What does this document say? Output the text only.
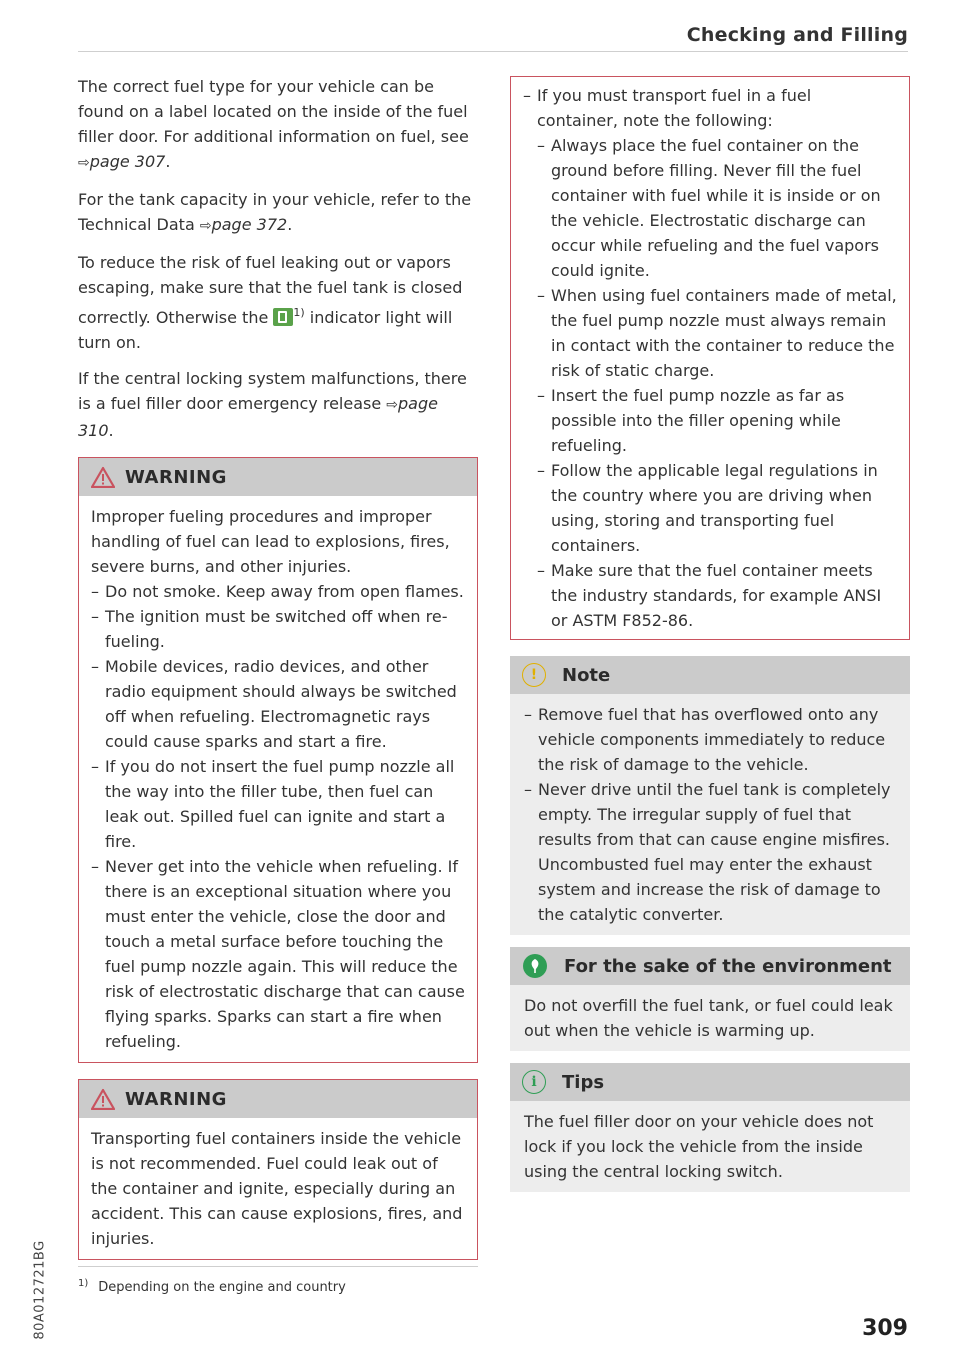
Checking and Filling

The correct fuel type for your vehicle can be found on a label located on the inside of the fuel filler door. For additional information on fuel, see ⇨page 307.

For the tank capacity in your vehicle, refer to the Technical Data ⇨page 372.

To reduce the risk of fuel leaking out or vapors escaping, make sure that the fuel tank is closed correctly. Otherwise the $^{1)}$ indicator light will turn on.

If the central locking system malfunctions, there is a fuel filler door emergency release ⇨page 310.

WARNING

Improper fueling procedures and improper handling of fuel can lead to explosions, fires, severe burns, and other injuries.

– Do not smoke. Keep away from open flames.
– The ignition must be switched off when re-fueling.
– Mobile devices, radio devices, and other radio equipment should always be switched off when refueling. Electromagnetic rays could cause sparks and start a fire.
– If you do not insert the fuel pump nozzle all the way into the filler tube, then fuel can leak out. Spilled fuel can ignite and start a fire.
– Never get into the vehicle when refueling. If there is an exceptional situation where you must enter the vehicle, close the door and touch a metal surface before touching the fuel pump nozzle again. This will reduce the risk of electrostatic discharge that can cause flying sparks. Sparks can start a fire when refueling.
WARNING

Transporting fuel containers inside the vehicle is not recommended. Fuel could leak out of the container and ignite, especially during an accident. This can cause explosions, fires, and injuries.

– If you must transport fuel in a fuel container, note the following:
– Always place the fuel container on the ground before filling. Never fill the fuel container with fuel while it is inside or on the vehicle. Electrostatic discharge can occur while refueling and the fuel vapors could ignite.
– When using fuel containers made of metal, the fuel pump nozzle must always remain in contact with the container to reduce the risk of static charge.
– Insert the fuel pump nozzle as far as possible into the filler opening while refueling.
– Follow the applicable legal regulations in the country where you are driving when using, storing and transporting fuel containers.
– Make sure that the fuel container meets the industry standards, for example ANSI or ASTM F852-86.
!	Note
– Remove fuel that has overflowed onto any vehicle components immediately to reduce the risk of damage to the vehicle.
– Never drive until the fuel tank is completely empty. The irregular supply of fuel that results from that can cause engine misfires. Uncombusted fuel may enter the exhaust system and increase the risk of damage to the catalytic converter.
For the sake of the environment

Do not overfill the fuel tank, or fuel could leak out when the vehicle is warming up.

i	Tips

The fuel filler door on your vehicle does not lock if you lock the vehicle from the inside using the central locking switch.

$^{1)}$ Depending on the engine and country
80A012721BG	309
